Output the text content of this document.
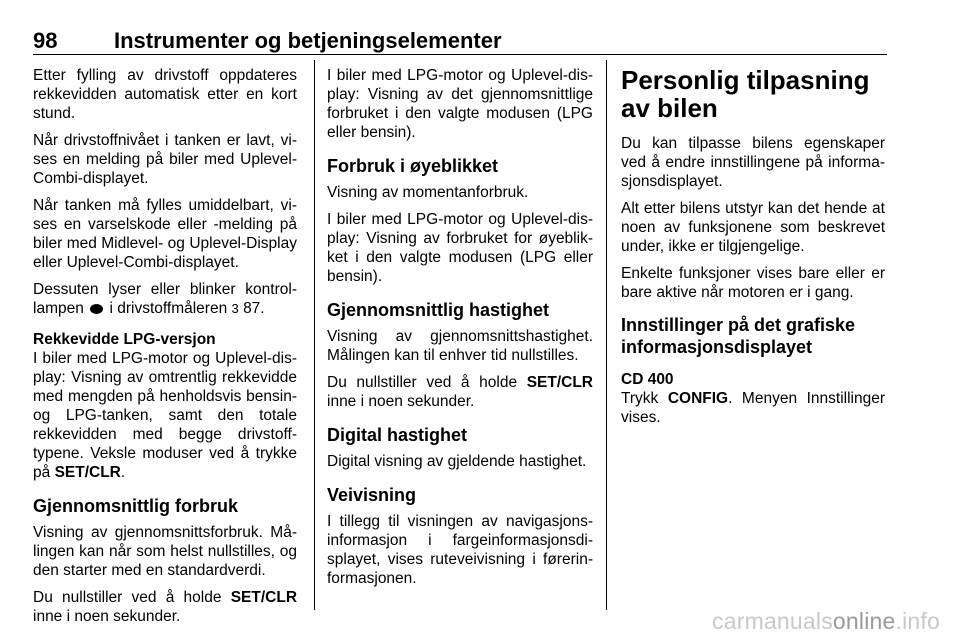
98	Instrumenter og betjeningselementer

Etter fylling av drivstoff oppdateres rekkevidden automatisk etter en kort stund.

Når drivstoffnivået i tanken er lavt, vises en melding på biler med Uplevel-Combi-displayet.

Når tanken må fylles umiddelbart, vises en varselskode eller -melding på biler med Midlevel- og Uplevel-Display eller Uplevel-Combi-displayet.

Dessuten lyser eller blinker kontrollampen i drivstoffmåleren 3 87.

Rekkevidde LPG-versjon

I biler med LPG-motor og Uplevel-display: Visning av omtrentlig rekkevidde med mengden på henholdsvis bensin- og LPG-tanken, samt den totale rekkevidden med begge drivstofftypene. Veksle moduser ved å trykke på SET/CLR.

Gjennomsnittlig forbruk

Visning av gjennomsnittsforbruk. Målingen kan når som helst nullstilles, og den starter med en standardverdi.

Du nullstiller ved å holde SET/CLR inne i noen sekunder.

I biler med LPG-motor og Uplevel-display: Visning av det gjennomsnittlige forbruket i den valgte modusen (LPG eller bensin).

Forbruk i øyeblikket

Visning av momentanforbruk.

I biler med LPG-motor og Uplevel-display: Visning av forbruket for øyeblikket i den valgte modusen (LPG eller bensin).

Gjennomsnittlig hastighet

Visning av gjennomsnittshastighet. Målingen kan til enhver tid nullstilles.

Du nullstiller ved å holde SET/CLR inne i noen sekunder.

Digital hastighet

Digital visning av gjeldende hastighet.

Veivisning

I tillegg til visningen av navigasjonsinformasjon i fargeinformasjonsdisplayet, vises ruteveivisning i førerinformasjonen.

Personlig tilpasning av bilen

Du kan tilpasse bilens egenskaper ved å endre innstillingene på informasjonsdisplayet.

Alt etter bilens utstyr kan det hende at noen av funksjonene som beskrevet under, ikke er tilgjengelige.

Enkelte funksjoner vises bare eller er bare aktive når motoren er i gang.

Innstillinger på det grafiske informasjonsdisplayet
CD 400

Trykk CONFIG. Menyen Innstillinger vises.

carmanualsonline.info
